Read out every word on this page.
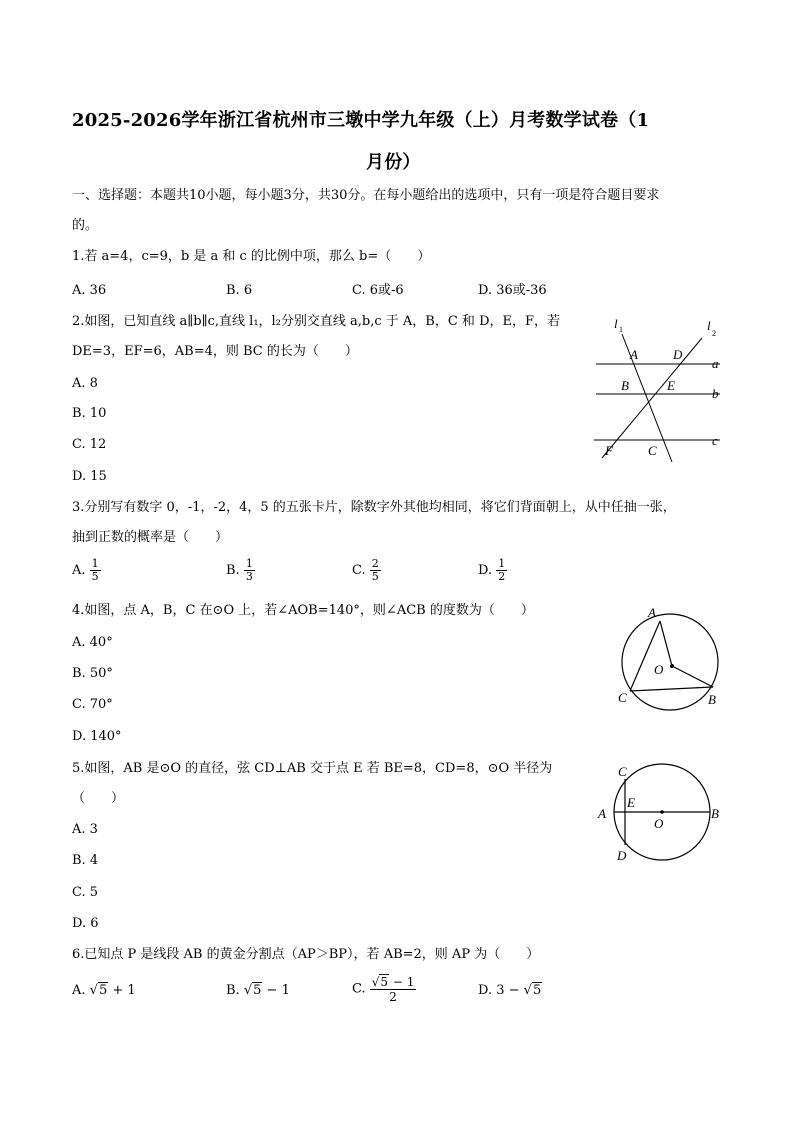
2025-2026学年浙江省杭州市三墩中学九年级（上）月考数学试卷（1
月份）
一、选择题：本题共10小题，每小题3分，共30分。在每小题给出的选项中，只有一项是符合题目要求
的。
1.若 a=4，c=9，b 是 a 和 c 的比例中项，那么 b=（　　）
A. 36	B. 6	C. 6或-6	D. 36或-36
2.如图，已知直线 a∥b∥c,直线 l₁，l₂分别交直线 a,b,c 于 A，B，C 和 D，E，F，若
DE=3，EF=6，AB=4，则 BC 的长为（　　）
A. 8
B. 10
C. 12
D. 15
l 1	l
2
A	D
a
B	E
b
c
F	C
3.分别写有数字 0，-1，-2，4，5 的五张卡片，除数字外其他均相同，将它们背面朝上，从中任抽一张，
抽到正数的概率是（　　）
A. $\frac{1}{5}$	B. $\frac{1}{3}$	C. $\frac{2}{5}$	D. $\frac{1}{2}$
4.如图，点 A，B，C 在⊙O 上，若∠AOB=140°，则∠ACB 的度数为（　　）
A. 40°
B. 50°
C. 70°
D. 140°
A
O
C	B
5.如图，AB 是⊙O 的直径，弦 CD⊥AB 交于点 E 若 BE=8，CD=8，⊙O 半径为
（　　）
A. 3
B. 4
C. 5
D. 6
C
E
A
O
B
D
6.已知点 P 是线段 AB 的黄金分割点（AP＞BP），若 AB=2，则 AP 为（　　）
A. √5 + 1	B. √5 − 1	C. $\frac{√5 - 1}{2}$	D. 3 − √5
